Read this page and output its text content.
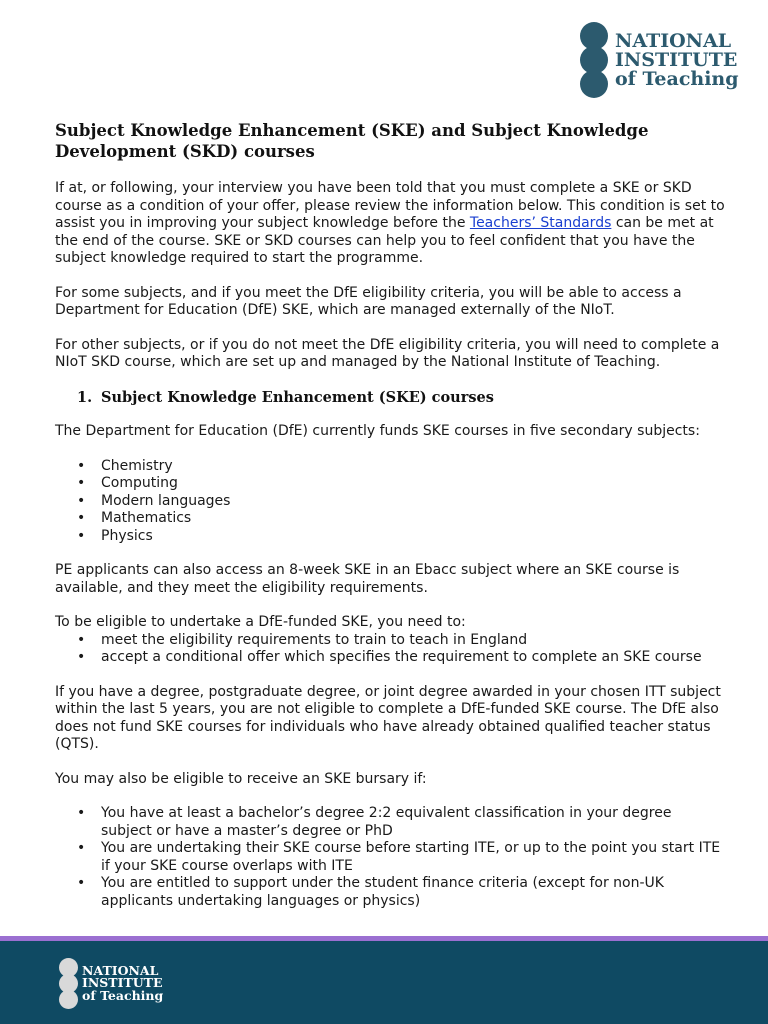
NATIONAL
INSTITUTE
of Teaching
Subject Knowledge Enhancement (SKE) and Subject Knowledge Development (SKD) courses

If at, or following, your interview you have been told that you must complete a SKE or SKD course as a condition of your offer, please review the information below. This condition is set to assist you in improving your subject knowledge before the Teachers’ Standards can be met at the end of the course. SKE or SKD courses can help you to feel confident that you have the subject knowledge required to start the programme.

For some subjects, and if you meet the DfE eligibility criteria, you will be able to access a Department for Education (DfE) SKE, which are managed externally of the NIoT.

For other subjects, or if you do not meet the DfE eligibility criteria, you will need to complete a NIoT SKD course, which are set up and managed by the National Institute of Teaching.

1. Subject Knowledge Enhancement (SKE) courses

The Department for Education (DfE) currently funds SKE courses in five secondary subjects:

• Chemistry
• Computing
• Modern languages
• Mathematics
• Physics

PE applicants can also access an 8-week SKE in an Ebacc subject where an SKE course is available, and they meet the eligibility requirements.

To be eligible to undertake a DfE-funded SKE, you need to:

• meet the eligibility requirements to train to teach in England
• accept a conditional offer which specifies the requirement to complete an SKE course

If you have a degree, postgraduate degree, or joint degree awarded in your chosen ITT subject within the last 5 years, you are not eligible to complete a DfE-funded SKE course. The DfE also does not fund SKE courses for individuals who have already obtained qualified teacher status (QTS).

You may also be eligible to receive an SKE bursary if:

• You have at least a bachelor’s degree 2:2 equivalent classification in your degree subject or have a master’s degree or PhD
• You are undertaking their SKE course before starting ITE, or up to the point you start ITE if your SKE course overlaps with ITE
• You are entitled to support under the student finance criteria (except for non-UK applicants undertaking languages or physics)
NATIONAL
INSTITUTE
of Teaching
